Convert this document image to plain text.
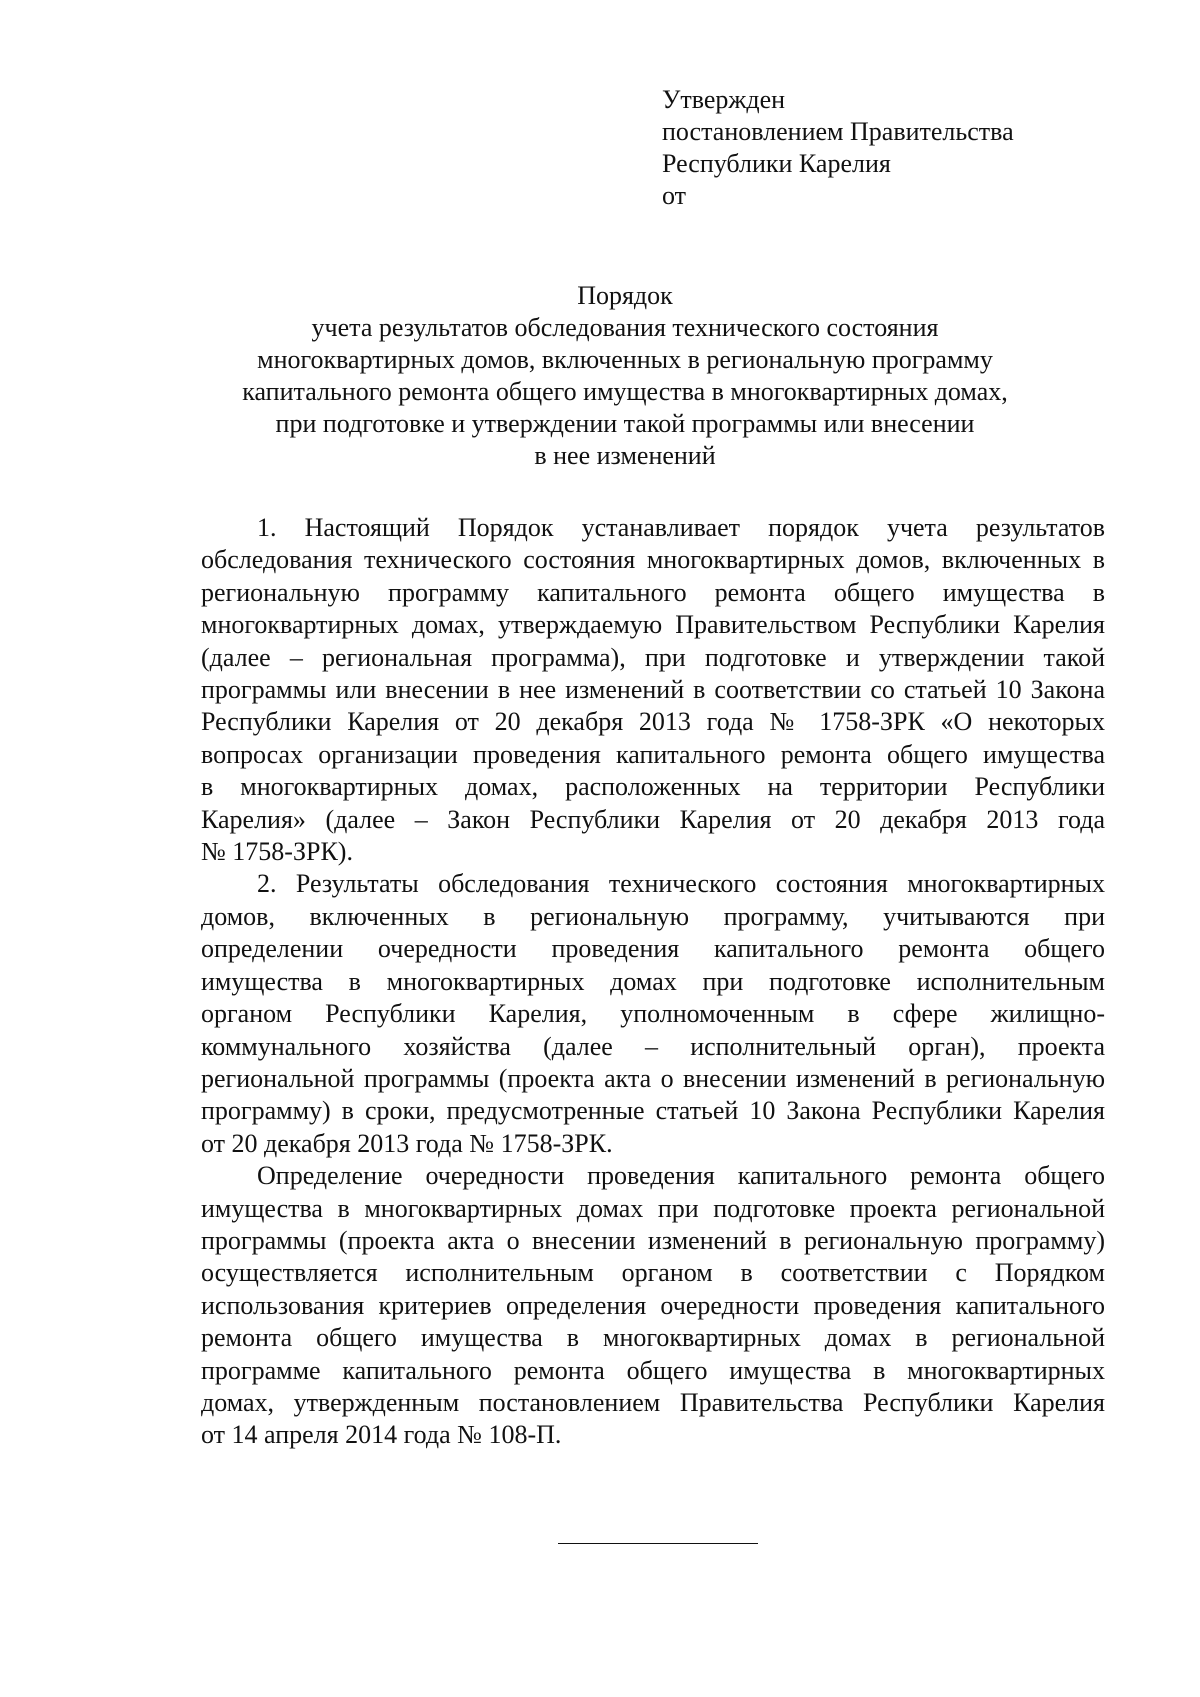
Утвержден
постановлением Правительства
Республики Карелия
от
Порядок
учета результатов обследования технического состояния
многоквартирных домов, включенных в региональную программу
капитального ремонта общего имущества в многоквартирных домах,
при подготовке и утверждении такой программы или внесении
в нее изменений
1. Настоящий Порядок устанавливает порядок учета результатов
обследования технического состояния многоквартирных домов, включенных в
региональную программу капитального ремонта общего имущества в
многоквартирных домах, утверждаемую Правительством Республики Карелия
(далее – региональная программа), при подготовке и утверждении такой
программы или внесении в нее изменений в соответствии со статьей 10 Закона
Республики Карелия от 20 декабря 2013 года № 1758-ЗРК «О некоторых
вопросах организации проведения капитального ремонта общего имущества
в многоквартирных домах, расположенных на территории Республики
Карелия» (далее – Закон Республики Карелия от 20 декабря 2013 года
№ 1758-ЗРК).
2. Результаты обследования технического состояния многоквартирных
домов, включенных в региональную программу, учитываются при
определении очередности проведения капитального ремонта общего
имущества в многоквартирных домах при подготовке исполнительным
органом Республики Карелия, уполномоченным в сфере жилищно-
коммунального хозяйства (далее – исполнительный орган), проекта
региональной программы (проекта акта о внесении изменений в региональную
программу) в сроки, предусмотренные статьей 10 Закона Республики Карелия
от 20 декабря 2013 года № 1758-ЗРК.
Определение очередности проведения капитального ремонта общего
имущества в многоквартирных домах при подготовке проекта региональной
программы (проекта акта о внесении изменений в региональную программу)
осуществляется исполнительным органом в соответствии с Порядком
использования критериев определения очередности проведения капитального
ремонта общего имущества в многоквартирных домах в региональной
программе капитального ремонта общего имущества в многоквартирных
домах, утвержденным постановлением Правительства Республики Карелия
от 14 апреля 2014 года № 108-П.
